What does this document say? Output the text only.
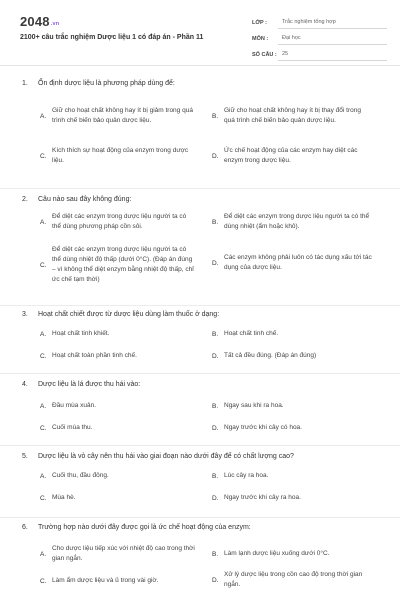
2048.vn
2100+ câu trắc nghiệm Dược liệu 1 có đáp án - Phần 11
LỚP :	Trắc nghiệm tổng hợp
MÔN :	Đại học
SỐ CÂU : 25
1. Ổn định dược liệu là phương pháp dùng để:
A.
Giữ cho hoạt chất không hay ít bị giảm trong quá trình chế biến bảo quản dược liệu.
B.
Giữ cho hoạt chất không hay ít bị thay đổi trong quá trình chế biến bảo quản dược liệu.
C.
Kích thích sự hoạt động của enzym trong dược liệu.
D.
Ức chế hoạt động của các enzym hay diệt các enzym trong dược liệu.
2. Câu nào sau đây không đúng:
A.
Để diệt các enzym trong dược liệu người ta có thể dùng phương pháp cồn sôi.
B.
Để diệt các enzym trong dược liệu người ta có thể dùng nhiệt (ẩm hoặc khô).
C.
Để diệt các enzym trong dược liệu người ta có thể dùng nhiệt độ thấp (dưới 0°C). (Đáp án đúng – vì không thể diệt enzym bằng nhiệt độ thấp, chỉ ức chế tạm thời)
D.
Các enzym không phải luôn có tác dụng xấu tới tác dụng của dược liệu.
3. Hoạt chất chiết được từ dược liệu dùng làm thuốc ở dạng:
A. Hoạt chất tinh khiết.	B. Hoạt chất tinh chế.
C. Hoạt chất toàn phần tinh chế.	D. Tất cả đều đúng. (Đáp án đúng)
4. Dược liệu là lá được thu hái vào:
A. Đầu mùa xuân.	B. Ngay sau khi ra hoa.
C. Cuối mùa thu.	D. Ngay trước khi cây có hoa.
5. Dược liệu là vỏ cây nên thu hái vào giai đoạn nào dưới đây để có chất lượng cao?
A. Cuối thu, đầu đông.	B. Lúc cây ra hoa.
C. Mùa hè.	D. Ngay trước khi cây ra hoa.
6. Trường hợp nào dưới đây được gọi là ức chế hoạt động của enzym:
A.
Cho dược liệu tiếp xúc với nhiệt độ cao trong thời gian ngắn.
B. Làm lạnh dược liệu xuống dưới 0°C.
C. Làm ẩm dược liệu và ủ trong vài giờ.	D.
Xử lý dược liệu trong cồn cao độ trong thời gian ngắn.
